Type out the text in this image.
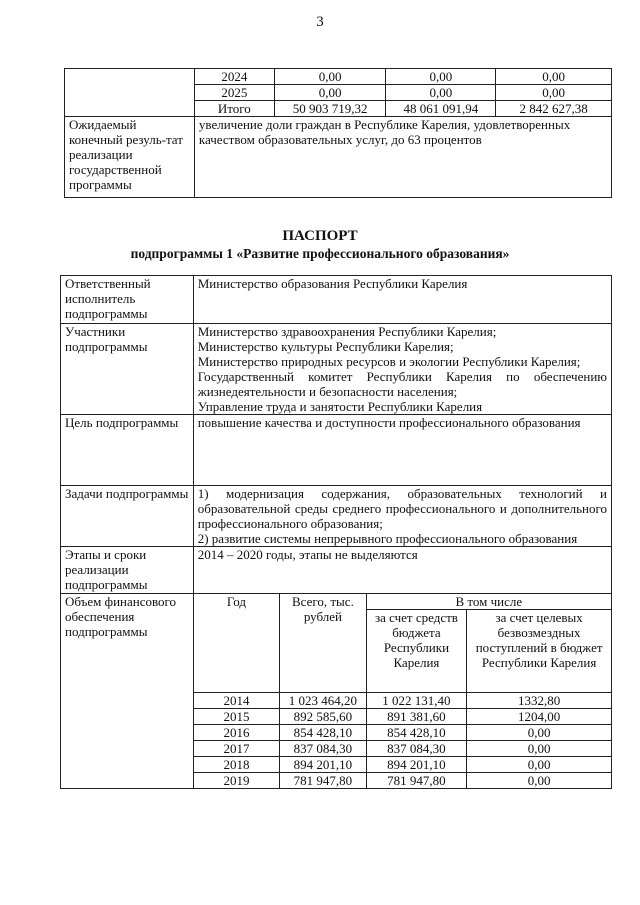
3
	2024	0,00	0,00	0,00
	2025	0,00	0,00	0,00
	Итого	50 903 719,32	48 061 091,94	2 842 627,38
Ожидаемый конечный резуль-тат реализации государственной программы	увеличение доли граждан в Республике Карелия, удовлетворенных качеством образовательных услуг, до 63 процентов			
ПАСПОРТ
подпрограммы 1 «Развитие профессионального образования»
Ответственный исполнитель подпрограммы	Министерство образования Республики Карелия			
Участники подпрограммы	Министерство здравоохранения Республики Карелия;
Министерство культуры Республики Карелия;
Министерство природных ресурсов и экологии Республики Карелия;
Государственный комитет Республики Карелия по обеспечению жизнедеятельности и безопасности населения;
Управление труда и занятости Республики Карелия			

Цель подпрограммы	повышение качества и доступности профессионального образования			
Задачи подпрограммы	1) модернизация содержания, образовательных технологий и образовательной среды среднего профессионального и дополнительного профессионального образования;
2) развитие системы непрерывного профессионального образования			

Этапы и сроки реализации подпрограммы	2014 – 2020 годы, этапы не выделяются			
Объем финансового обеспечения подпрограммы	Год	Всего, тыс. рублей	В том числе	
			за счет средств бюджета Республики Карелия	за счет целевых безвозмездных поступлений в бюджет Республики Карелия
	2014	1 023 464,20	1 022 131,40	1332,80
	2015	892 585,60	891 381,60	1204,00
	2016	854 428,10	854 428,10	0,00
	2017	837 084,30	837 084,30	0,00
	2018	894 201,10	894 201,10	0,00
	2019	781 947,80	781 947,80	0,00
